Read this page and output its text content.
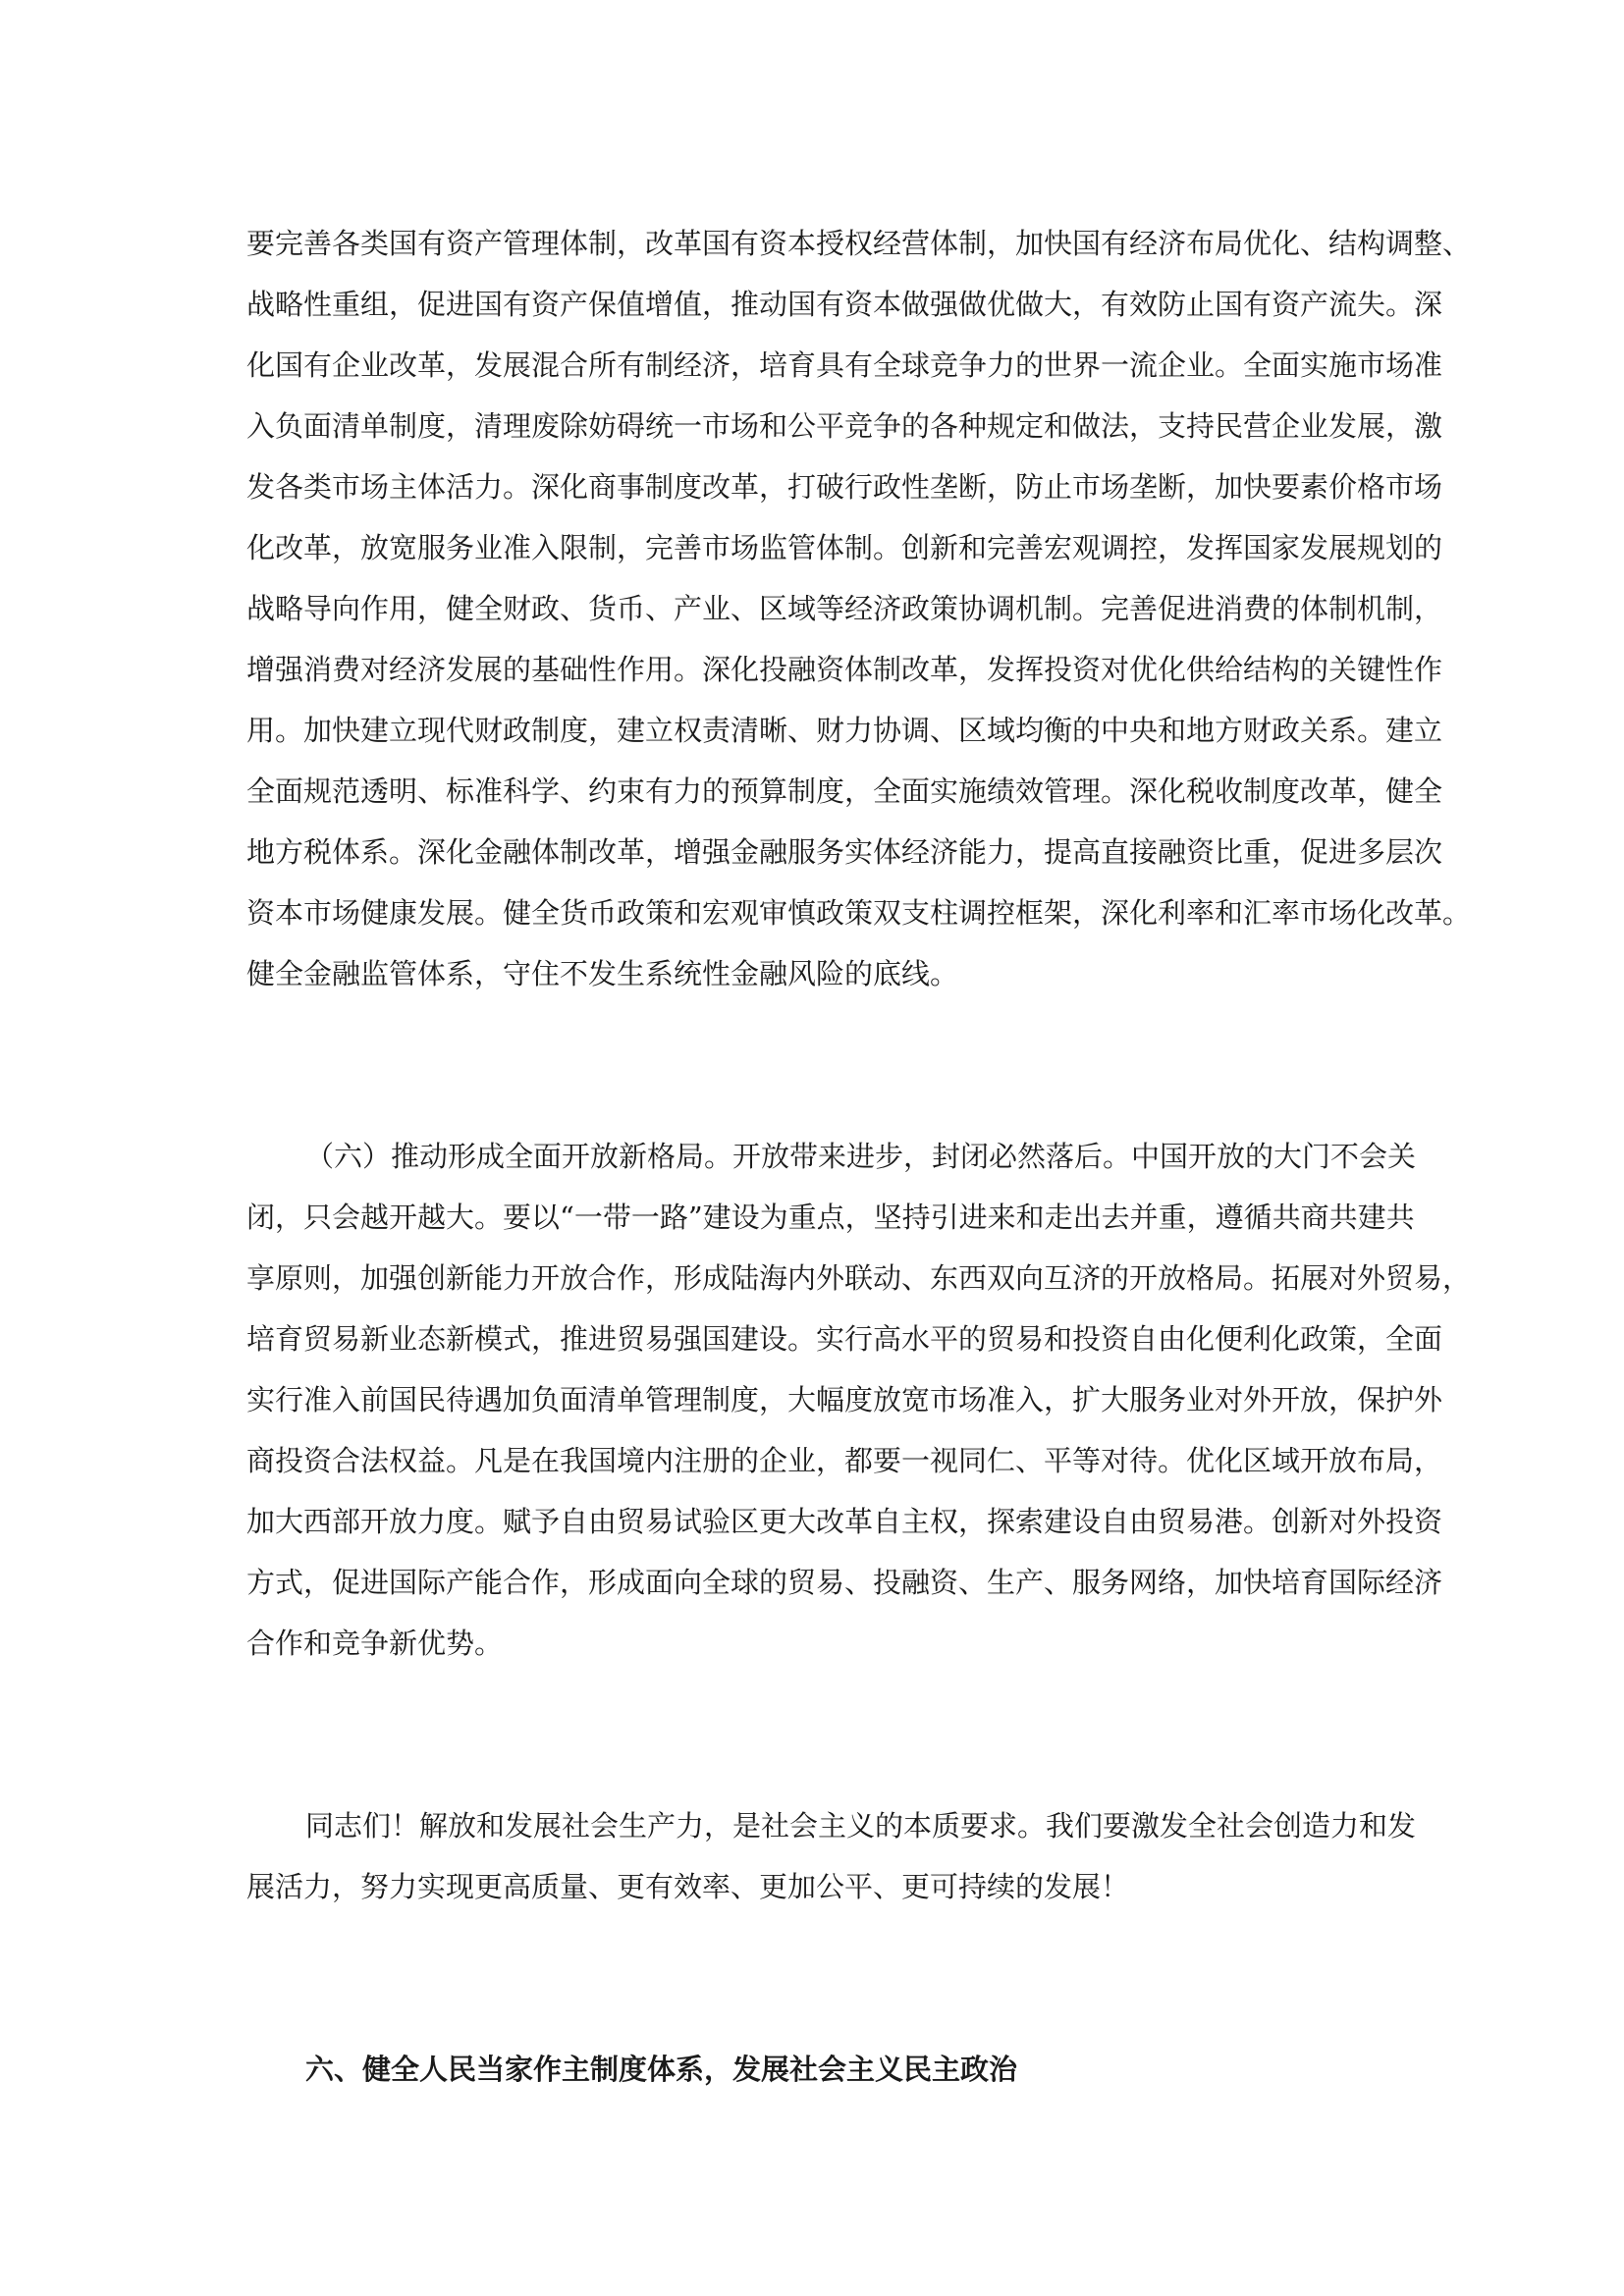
要完善各类国有资产管理体制，改革国有资本授权经营体制，加快国有经济布局优化、结构调整、
战略性重组，促进国有资产保值增值，推动国有资本做强做优做大，有效防止国有资产流失。深
化国有企业改革，发展混合所有制经济，培育具有全球竞争力的世界一流企业。全面实施市场准
入负面清单制度，清理废除妨碍统一市场和公平竞争的各种规定和做法，支持民营企业发展，激
发各类市场主体活力。深化商事制度改革，打破行政性垄断，防止市场垄断，加快要素价格市场
化改革，放宽服务业准入限制，完善市场监管体制。创新和完善宏观调控，发挥国家发展规划的
战略导向作用，健全财政、货币、产业、区域等经济政策协调机制。完善促进消费的体制机制，
增强消费对经济发展的基础性作用。深化投融资体制改革，发挥投资对优化供给结构的关键性作
用。加快建立现代财政制度，建立权责清晰、财力协调、区域均衡的中央和地方财政关系。建立
全面规范透明、标准科学、约束有力的预算制度，全面实施绩效管理。深化税收制度改革，健全
地方税体系。深化金融体制改革，增强金融服务实体经济能力，提高直接融资比重，促进多层次
资本市场健康发展。健全货币政策和宏观审慎政策双支柱调控框架，深化利率和汇率市场化改革。
健全金融监管体系，守住不发生系统性金融风险的底线。
（六）推动形成全面开放新格局。开放带来进步，封闭必然落后。中国开放的大门不会关
闭，只会越开越大。要以“一带一路”建设为重点，坚持引进来和走出去并重，遵循共商共建共
享原则，加强创新能力开放合作，形成陆海内外联动、东西双向互济的开放格局。拓展对外贸易，
培育贸易新业态新模式，推进贸易强国建设。实行高水平的贸易和投资自由化便利化政策，全面
实行准入前国民待遇加负面清单管理制度，大幅度放宽市场准入，扩大服务业对外开放，保护外
商投资合法权益。凡是在我国境内注册的企业，都要一视同仁、平等对待。优化区域开放布局，
加大西部开放力度。赋予自由贸易试验区更大改革自主权，探索建设自由贸易港。创新对外投资
方式，促进国际产能合作，形成面向全球的贸易、投融资、生产、服务网络，加快培育国际经济
合作和竞争新优势。
同志们！解放和发展社会生产力，是社会主义的本质要求。我们要激发全社会创造力和发
展活力，努力实现更高质量、更有效率、更加公平、更可持续的发展！
六、健全人民当家作主制度体系，发展社会主义民主政治
